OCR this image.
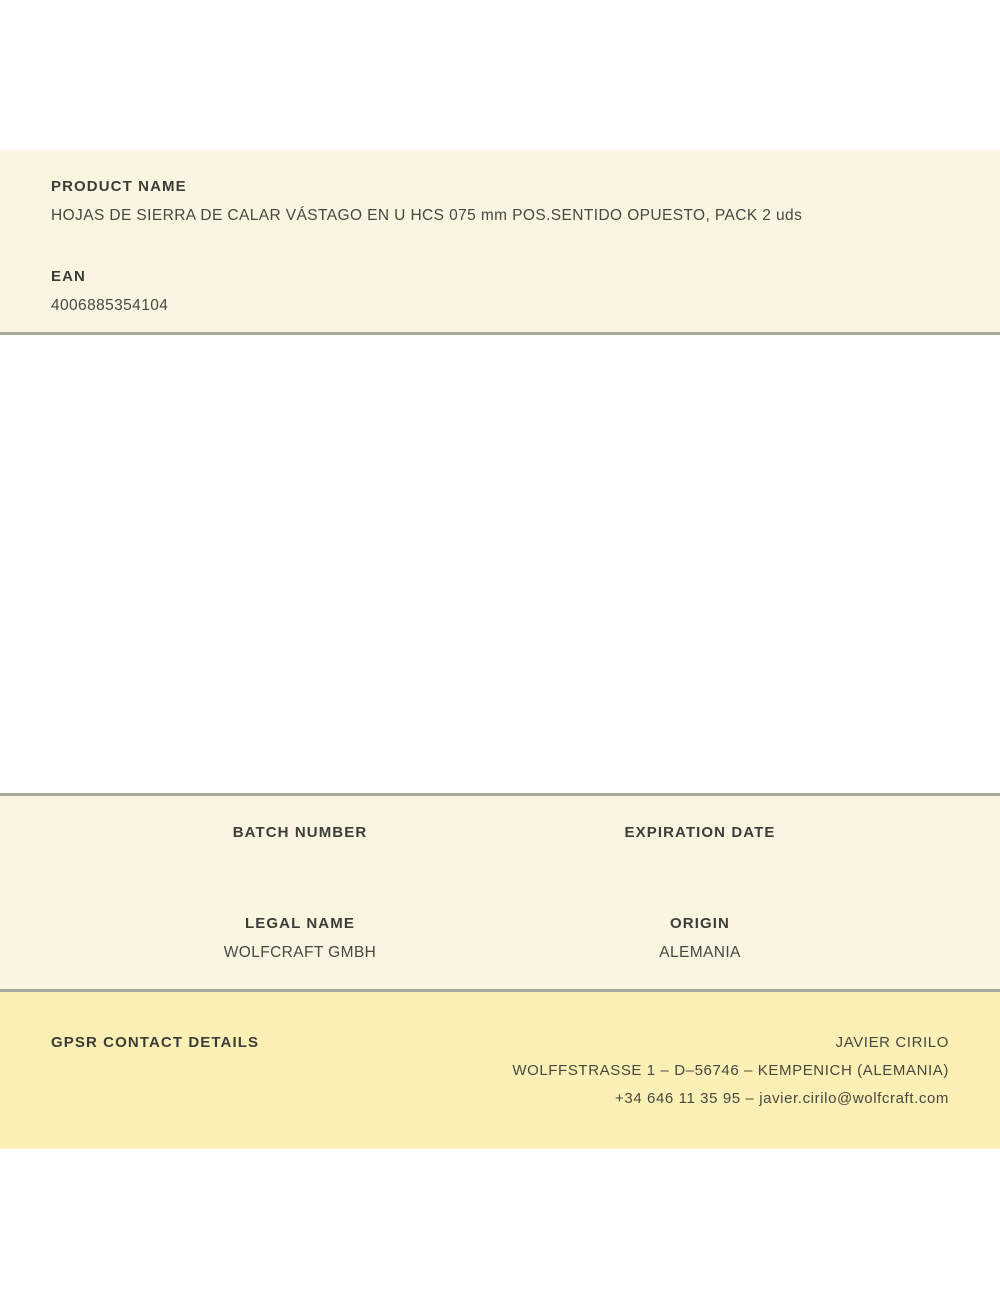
PRODUCT NAME
HOJAS DE SIERRA DE CALAR VÁSTAGO EN U HCS 075 mm POS.SENTIDO OPUESTO, PACK 2 uds
EAN
4006885354104
BATCH NUMBER	EXPIRATION DATE
LEGAL NAME
WOLFCRAFT GMBH
ORIGIN
ALEMANIA
GPSR CONTACT DETAILS	JAVIER CIRILO
WOLFFSTRASSE 1 – D–56746 – KEMPENICH (ALEMANIA)
+34 646 11 35 95 – javier.cirilo@wolfcraft.com
